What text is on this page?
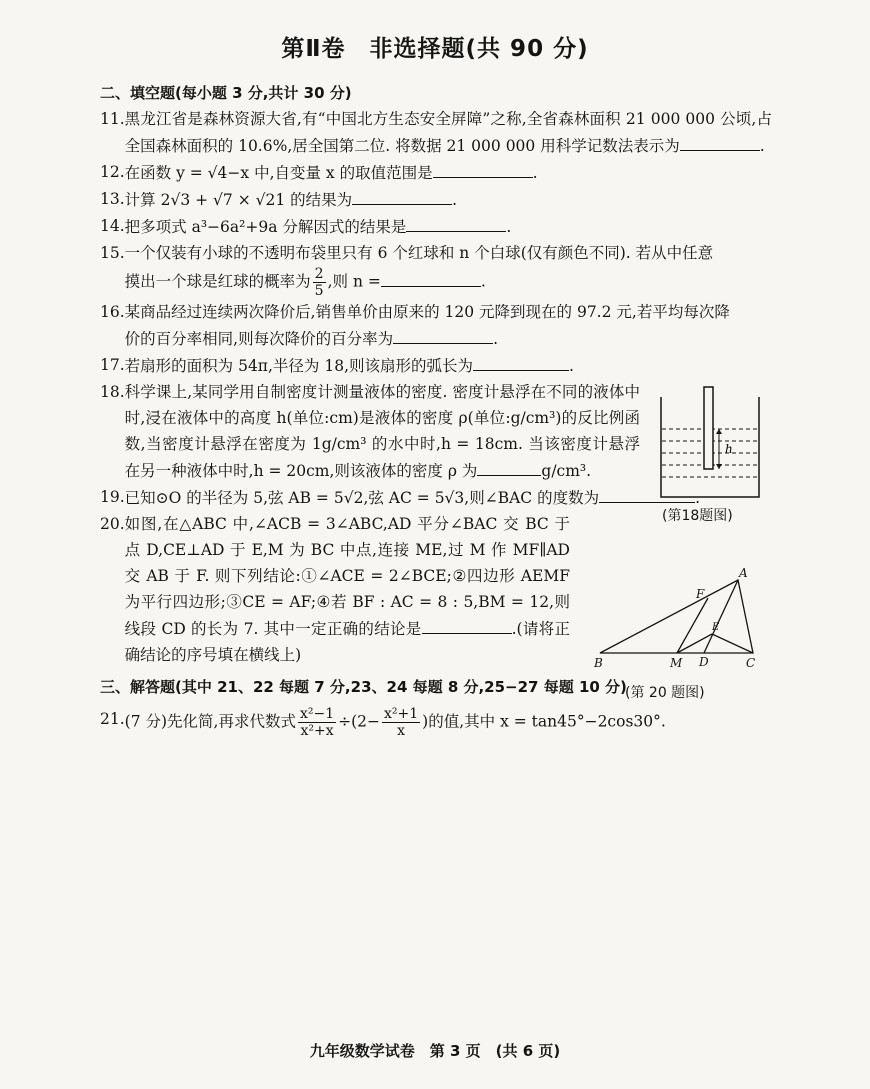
第Ⅱ卷　非选择题(共 90 分)
二、填空题(每小题 3 分,共计 30 分)
11. 黑龙江省是森林资源大省,有“中国北方生态安全屏障”之称,全省森林面积 21 000 000 公顷,占全国森林面积的 10.6%,居全国第二位. 将数据 21 000 000 用科学记数法表示为	.
12. 在函数 y = √4−x 中,自变量 x 的取值范围是	.
13. 计算 2√3 + √7 × √21 的结果为	.
14. 把多项式 a³−6a²+9a 分解因式的结果是	.
15. 一个仅装有小球的不透明布袋里只有 6 个红球和 n 个白球(仅有颜色不同). 若从中任意
摸出一个球是红球的概率为 $\frac{2}{5}$ ,则 n =	.
16. 某商品经过连续两次降价后,销售单价由原来的 120 元降到现在的 97.2 元,若平均每次降
价的百分率相同,则每次降价的百分率为	.
17. 若扇形的面积为 54π,半径为 18,则该扇形的弧长为	.
18. 科学课上,某同学用自制密度计测量液体的密度. 密度计悬浮在不同的液体中时,浸在液体中的高度 h(单位:cm)是液体的密度 ρ(单位:g/cm³)的反比例函数,当密度计悬浮在密度为 1g/cm³ 的水中时,h = 18cm. 当该密度计悬浮在另一种液体中时,h = 20cm,则该液体的密度 ρ 为	g/cm³.
19. 已知⊙O 的半径为 5,弦 AB = 5√2,弦 AC = 5√3,则∠BAC 的度数为	.
20. 如图,在△ABC 中,∠ACB = 3∠ABC,AD 平分∠BAC 交 BC 于点 D,CE⊥AD 于 E,M 为 BC 中点,连接 ME,过 M 作 MF∥AD 交 AB 于 F. 则下列结论:①∠ACE = 2∠BCE;②四边形 AEMF 为平行四边形;③CE = AF;④若 BF : AC = 8 : 5,BM = 12,则线段 CD 的长为 7. 其中一定正确的结论是	.(请将正确结论的序号填在横线上)
三、解答题(其中 21、22 每题 7 分,23、24 每题 8 分,25−27 每题 10 分)
21. (7 分)先化简,再求代数式 $\frac{\text{x²−1}}{\text{x²+x}} \div(2- \frac{\text{x²+1}}{x}$ )的值,其中 x = tan45°−2cos30°.
h
(第18题图)
A
B	C
D
E
F
M
(第 20 题图)
九年级数学试卷　第 3 页　(共 6 页)
